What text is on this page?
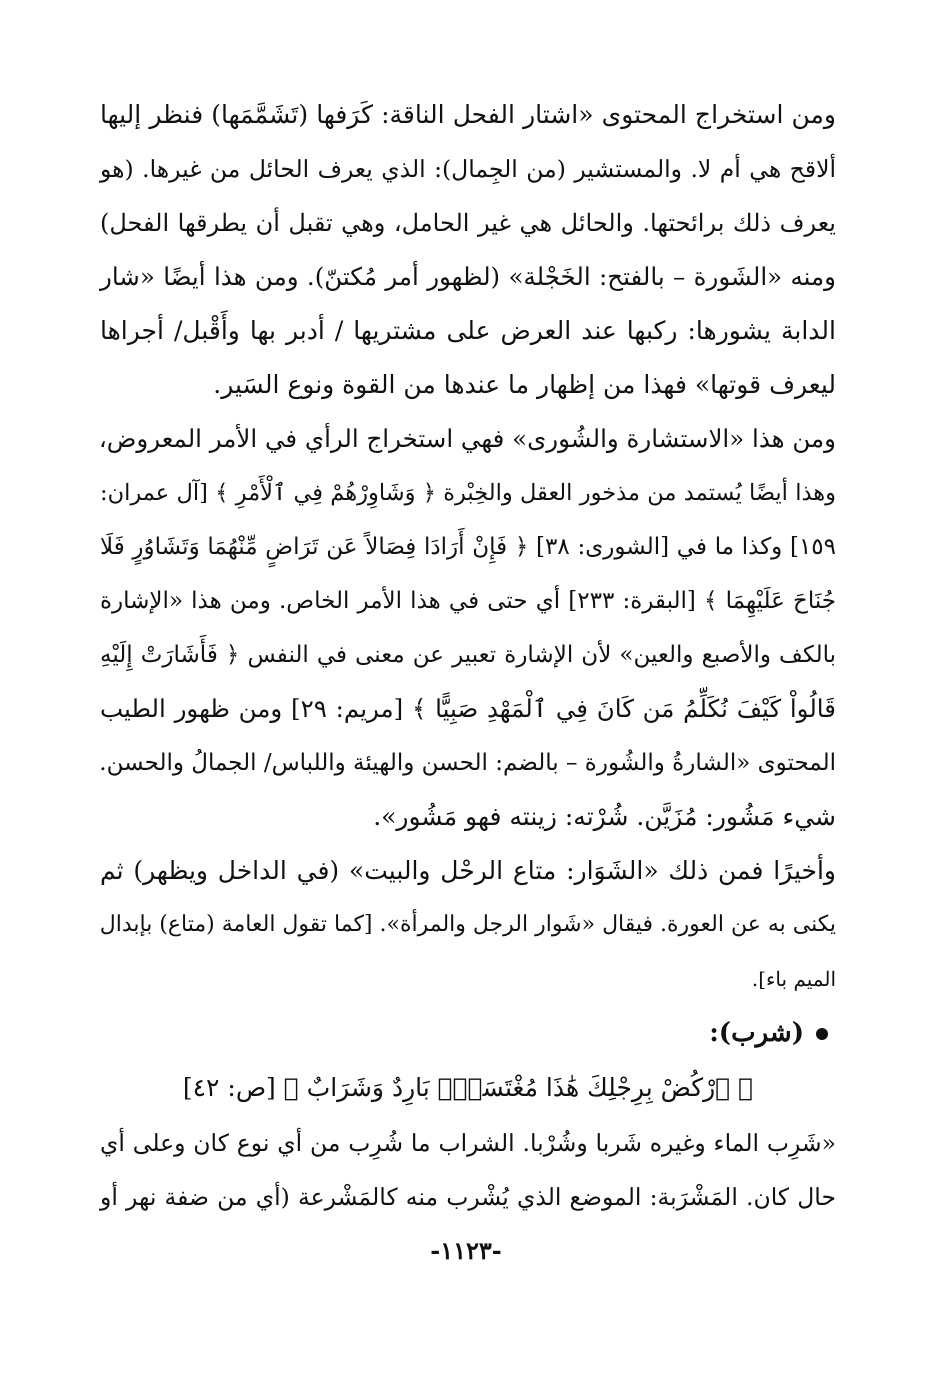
ومن استخراج المحتوى «اشتار الفحل الناقة: كَرَفها (تَشَمَّمَها) فنظر إليها
ألاقح هي أم لا. والمستشير (من الجِمال): الذي يعرف الحائل من غيرها. (هو
يعرف ذلك برائحتها. والحائل هي غير الحامل، وهي تقبل أن يطرقها الفحل)
ومنه «الشَورة – بالفتح: الخَجْلة» (لظهور أمر مُكتنّ). ومن هذا أيضًا «شار
الدابة يشورها: ركبها عند العرض على مشتريها / أدبر بها وأَقْبل/ أجراها
ليعرف قوتها» فهذا من إظهار ما عندها من القوة ونوع السَير.
ومن هذا «الاستشارة والشُورى» فهي استخراج الرأي في الأمر المعروض،
وهذا أيضًا يُستمد من مذخور العقل والخِبْرة ﴿ وَشَاوِرْهُمْ فِي ٱلْأَمْرِ ﴾ [آل عمران:
١٥٩] وكذا ما في [الشورى: ٣٨] ﴿ فَإِنْ أَرَادَا فِصَالاً عَن تَرَاضٍ مِّنْهُمَا وَتَشَاوُرٍ فَلَا
جُنَاحَ عَلَيْهِمَا ﴾ [البقرة: ٢٣٣] أي حتى في هذا الأمر الخاص. ومن هذا «الإشارة
بالكف والأصبع والعين» لأن الإشارة تعبير عن معنى في النفس ﴿ فَأَشَارَتْ إِلَيْهِ
قَالُواْ كَيْفَ نُكَلِّمُ مَن كَانَ فِي ٱلْمَهْدِ صَبِيًّا ﴾ [مريم: ٢٩] ومن ظهور الطيب
المحتوى «الشارةُ والشُورة – بالضم: الحسن والهيئة واللباس/ الجمالُ والحسن.
شيء مَشُور: مُزَيَّن. شُرْته: زينته فهو مَشُور».
وأخيرًا فمن ذلك «الشَوَار: متاع الرحْل والبيت» (في الداخل ويظهر) ثم
يكنى به عن العورة. فيقال «شَوار الرجل والمرأة». [كما تقول العامة (متاع) بإبدال
الميم باء].
(شرب):
﴿ ٱرْكُضْ بِرِجْلِكَ هَٰذَا مُغْتَسَلٌۢ بَارِدٌ وَشَرَابٌ ﴾ [ص: ٤٢]
«شَرِب الماء وغيره شَربا وشُرْبا. الشراب ما شُرِب من أي نوع كان وعلى أي
حال كان. المَشْرَبة: الموضع الذي يُشْرب منه كالمَشْرعة (أي من ضفة نهر أو
-١١٢٣-
